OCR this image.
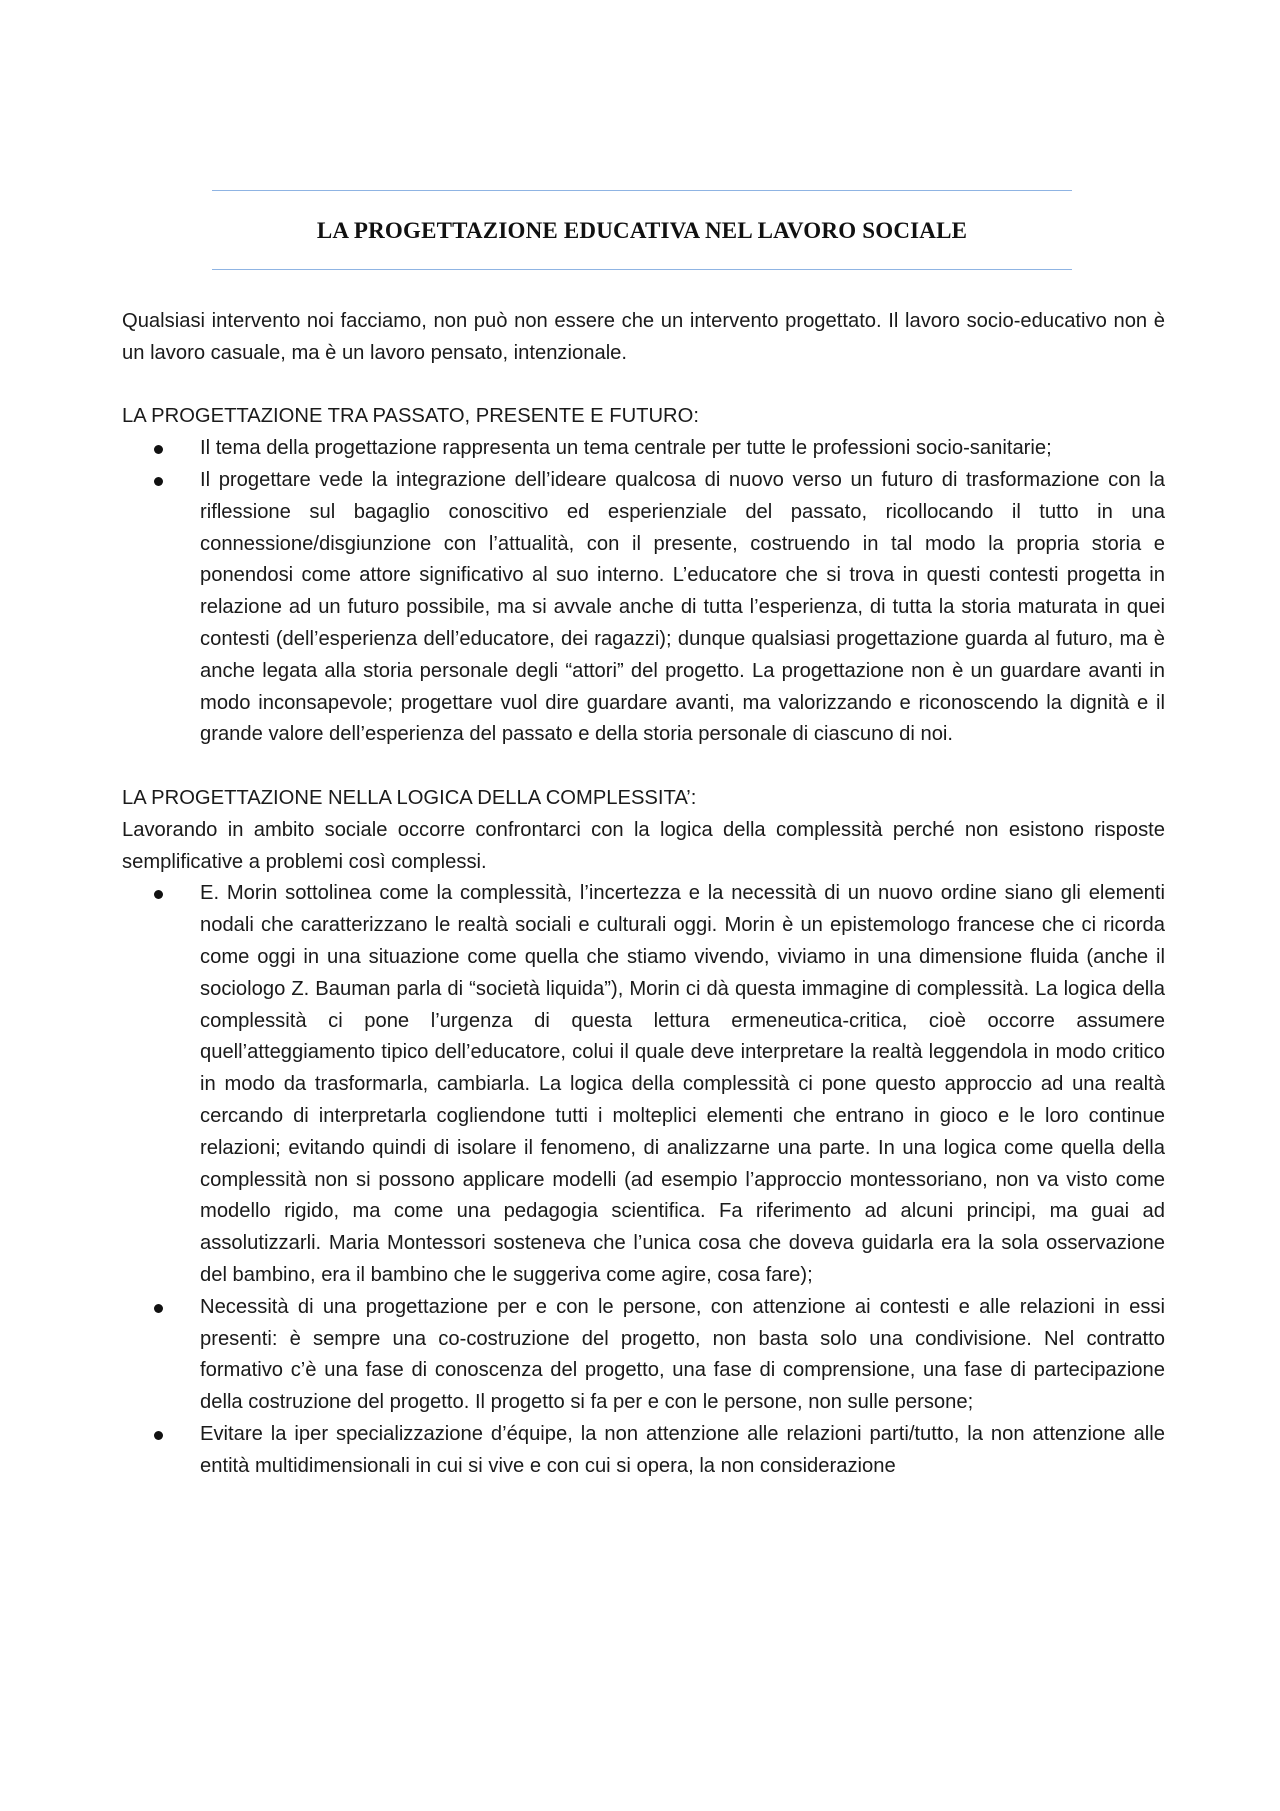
LA PROGETTAZIONE EDUCATIVA NEL LAVORO SOCIALE

Qualsiasi intervento noi facciamo, non può non essere che un intervento progettato. Il lavoro socio-educativo non è un lavoro casuale, ma è un lavoro pensato, intenzionale.

LA PROGETTAZIONE TRA PASSATO, PRESENTE E FUTURO:

Il tema della progettazione rappresenta un tema centrale per tutte le professioni socio-sanitarie;
Il progettare vede la integrazione dell’ideare qualcosa di nuovo verso un futuro di trasformazione con la riflessione sul bagaglio conoscitivo ed esperienziale del passato, ricollocando il tutto in una connessione/disgiunzione con l’attualità, con il presente, costruendo in tal modo la propria storia e ponendosi come attore significativo al suo interno. L’educatore che si trova in questi contesti progetta in relazione ad un futuro possibile, ma si avvale anche di tutta l’esperienza, di tutta la storia maturata in quei contesti (dell’esperienza dell’educatore, dei ragazzi); dunque qualsiasi progettazione guarda al futuro, ma è anche legata alla storia personale degli “attori” del progetto. La progettazione non è un guardare avanti in modo inconsapevole; progettare vuol dire guardare avanti, ma valorizzando e riconoscendo la dignità e il grande valore dell’esperienza del passato e della storia personale di ciascuno di noi.

LA PROGETTAZIONE NELLA LOGICA DELLA COMPLESSITA’:

Lavorando in ambito sociale occorre confrontarci con la logica della complessità perché non esistono risposte semplificative a problemi così complessi.

E. Morin sottolinea come la complessità, l’incertezza e la necessità di un nuovo ordine siano gli elementi nodali che caratterizzano le realtà sociali e culturali oggi. Morin è un epistemologo francese che ci ricorda come oggi in una situazione come quella che stiamo vivendo, viviamo in una dimensione fluida (anche il sociologo Z. Bauman parla di “società liquida”), Morin ci dà questa immagine di complessità. La logica della complessità ci pone l’urgenza di questa lettura ermeneutica-critica, cioè occorre assumere quell’atteggiamento tipico dell’educatore, colui il quale deve interpretare la realtà leggendola in modo critico in modo da trasformarla, cambiarla. La logica della complessità ci pone questo approccio ad una realtà cercando di interpretarla cogliendone tutti i molteplici elementi che entrano in gioco e le loro continue relazioni; evitando quindi di isolare il fenomeno, di analizzarne una parte. In una logica come quella della complessità non si possono applicare modelli (ad esempio l’approccio montessoriano, non va visto come modello rigido, ma come una pedagogia scientifica. Fa riferimento ad alcuni principi, ma guai ad assolutizzarli. Maria Montessori sosteneva che l’unica cosa che doveva guidarla era la sola osservazione del bambino, era il bambino che le suggeriva come agire, cosa fare);
Necessità di una progettazione per e con le persone, con attenzione ai contesti e alle relazioni in essi presenti: è sempre una co-costruzione del progetto, non basta solo una condivisione. Nel contratto formativo c’è una fase di conoscenza del progetto, una fase di comprensione, una fase di partecipazione della costruzione del progetto. Il progetto si fa per e con le persone, non sulle persone;
Evitare la iper specializzazione d’équipe, la non attenzione alle relazioni parti/tutto, la non attenzione alle entità multidimensionali in cui si vive e con cui si opera, la non considerazione
